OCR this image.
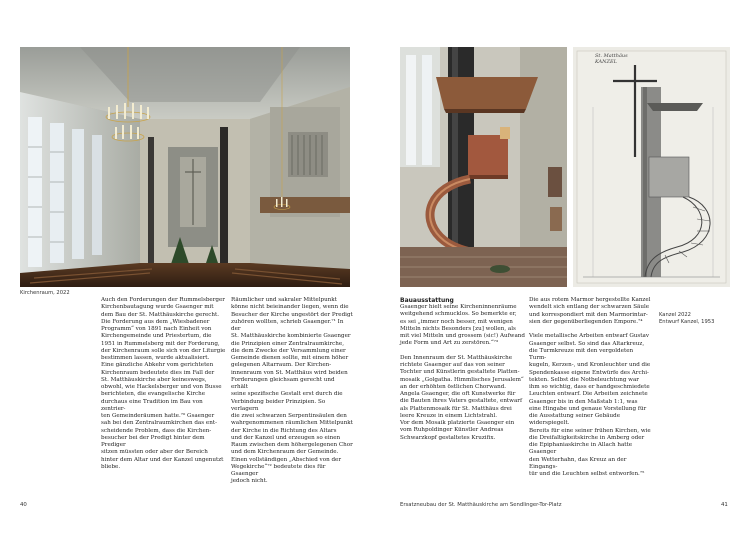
Kirchenraum, 2022
St. Matthäus
KANZEL
Kanzel 2022
Entwurf Kanzel, 1953
Auch den Forderungen der Rummelsberger
Kirchenbautagung wurde Gsaenger mit
dem Bau der St. Matthäuskirche gerecht.
Die Forderung aus dem „Wiesbadener
Programm“ von 1891 nach Einheit von
Kirchengemeinde und Priestertum, die
1951 in Rummelsberg mit der Forderung,
der Kirchenraum solle sich von der Liturgie
bestimmen lassen, wurde aktualisiert.
Eine gänzliche Abkehr vom gerichteten
Kirchenraum bedeutete dies im Fall der
St. Matthäuskirche aber keineswegs,
obwohl, wie Hackelsberger und von Busse
berichteten, die evangelische Kirche
durchaus eine Tradition im Bau von zentrier-
ten Gemeinderäumen hatte.⁷⁰ Gsaenger
sah bei den Zentralraumkirchen das ent-
scheidende Problem, dass die Kirchen-
besucher bei der Predigt hinter dem Prediger
sitzen müssten oder aber der Bereich
hinter dem Altar und der Kanzel ungenutzt
bliebe.
Räumlicher und sakraler Mittelpunkt
könne nicht beieinander liegen, wenn die
Besucher der Kirche ungestört der Predigt
zuhören wollten, schrieb Gsaenger.⁷¹ In der
St. Matthäuskirche kombinierte Gsaenger
die Prinzipien einer Zentralraumkirche,
die dem Zwecke der Versammlung einer
Gemeinde dienen sollte, mit einem höher
gelegenen Altarraum. Der Kirchen-
innenraum von St. Matthäus wird beiden
Forderungen gleichsam gerecht und erhält
seine spezifische Gestalt erst durch die
Verbindung beider Prinzipien. So verlagern
die zwei schwarzen Serpentinsäulen den
wahrgenommenen räumlichen Mittelpunkt
der Kirche in die Richtung des Altars
und der Kanzel und erzeugen so einen
Raum zwischen dem höhergelegenen Chor
und dem Kirchenraum der Gemeinde.
Einen vollständigen „Abschied von der
Wegekirche“⁷² bedeutete dies für Gsaenger
jedoch nicht.
Bauausstattung
Gsaenger hielt seine Kircheninnenräume
weitgehend schmucklos. So bemerkte er,
es sei „immer noch besser, mit wenigen
Mitteln nichts Besonders [zu] wollen, als
mit viel Mitteln und grossem (sic!) Aufwand
jede Form und Art zu zerstören.“⁷³

Den Innenraum der St. Matthäuskirche
richtete Gsaenger auf das von seiner
Tochter und Künstlerin gestaltete Platten-
mosaik „Golgatha. Himmlisches Jerusalem“
an der erhöhten östlichen Chorwand.
Angela Gsaenger, die oft Kunstwerke für
die Bauten ihres Vaters gestaltete, entwarf
als Plattenmosaik für St. Matthäus drei
leere Kreuze in einem Lichtstrahl.
Vor dem Mosaik platzierte Gsaenger ein
vom Ruhpoldinger Künstler Andreas
Schwarzkopf gestaltetes Kruzifix.
Die aus rotem Marmor hergestellte Kanzel
wendelt sich entlang der schwarzen Säule
und korrespondiert mit den Marmorintar-
sien der gegenüberliegenden Empore.⁷⁴

Viele metallische Arbeiten entwarf Gustav
Gsaenger selbst. So sind das Altarkreuz,
die Turmkreuze mit den vergoldeten Turm-
kugeln, Kerzen-, und Kronleuchter und die
Spendenkasse eigene Entwürfe des Archi-
tekten. Selbst die Notbeleuchtung war
ihm so wichtig, dass er handgeschmiedete
Leuchten entwarf. Die Arbeiten zeichnete
Gsaenger bis in den Maßstab 1:1, was
eine Hingabe und genaue Vorstellung für
die Ausstattung seiner Gebäude widerspiegelt.
Bereits für eine seiner frühen Kirchen, wie
die Dreifaltigkeitskirche in Amberg oder
die Epiphaniaskirche in Allach hatte Gsaenger
den Wetterhahn, das Kreuz an der Eingangs-
tür und die Leuchten selbst entworfen.⁷⁵
40	Ersatzneubau der St. Matthäuskirche am Sendlinger-Tor-Platz	41
